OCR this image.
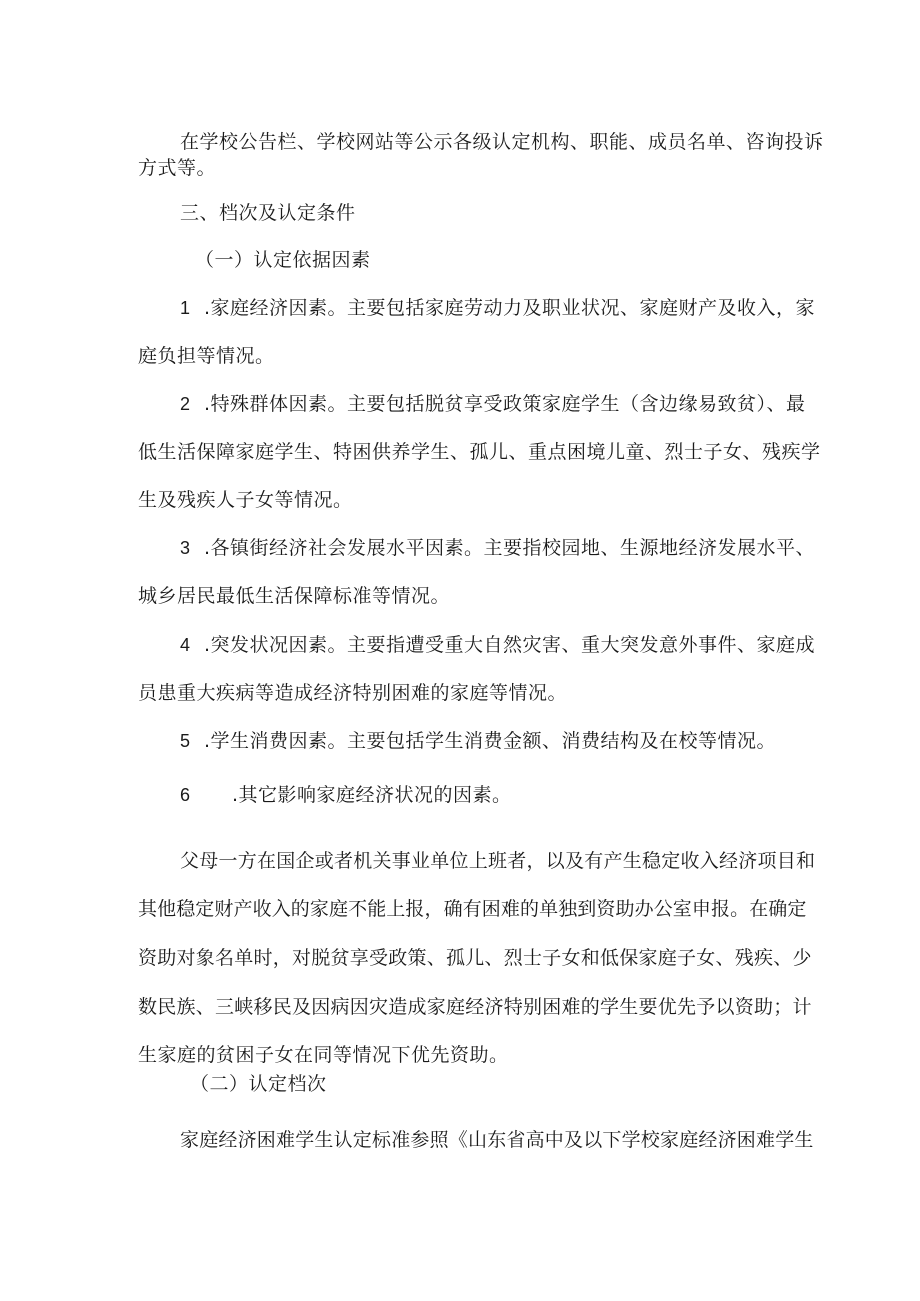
在学校公告栏、学校网站等公示各级认定机构、职能、成员名单、咨询投诉
方式等。
三、档次及认定条件
（一）认定依据因素
1 .家庭经济因素。主要包括家庭劳动力及职业状况、家庭财产及收入，家
庭负担等情况。
2 .特殊群体因素。主要包括脱贫享受政策家庭学生（含边缘易致贫）、最
低生活保障家庭学生、特困供养学生、孤儿、重点困境儿童、烈士子女、残疾学
生及残疾人子女等情况。
3 .各镇街经济社会发展水平因素。主要指校园地、生源地经济发展水平、
城乡居民最低生活保障标准等情况。
4 .突发状况因素。主要指遭受重大自然灾害、重大突发意外事件、家庭成
员患重大疾病等造成经济特别困难的家庭等情况。
5 .学生消费因素。主要包括学生消费金额、消费结构及在校等情况。
6 .其它影响家庭经济状况的因素。
父母一方在国企或者机关事业单位上班者，以及有产生稳定收入经济项目和
其他稳定财产收入的家庭不能上报，确有困难的单独到资助办公室申报。在确定
资助对象名单时，对脱贫享受政策、孤儿、烈士子女和低保家庭子女、残疾、少
数民族、三峡移民及因病因灾造成家庭经济特别困难的学生要优先予以资助；计
生家庭的贫困子女在同等情况下优先资助。
（二）认定档次
家庭经济困难学生认定标准参照《山东省高中及以下学校家庭经济困难学生
